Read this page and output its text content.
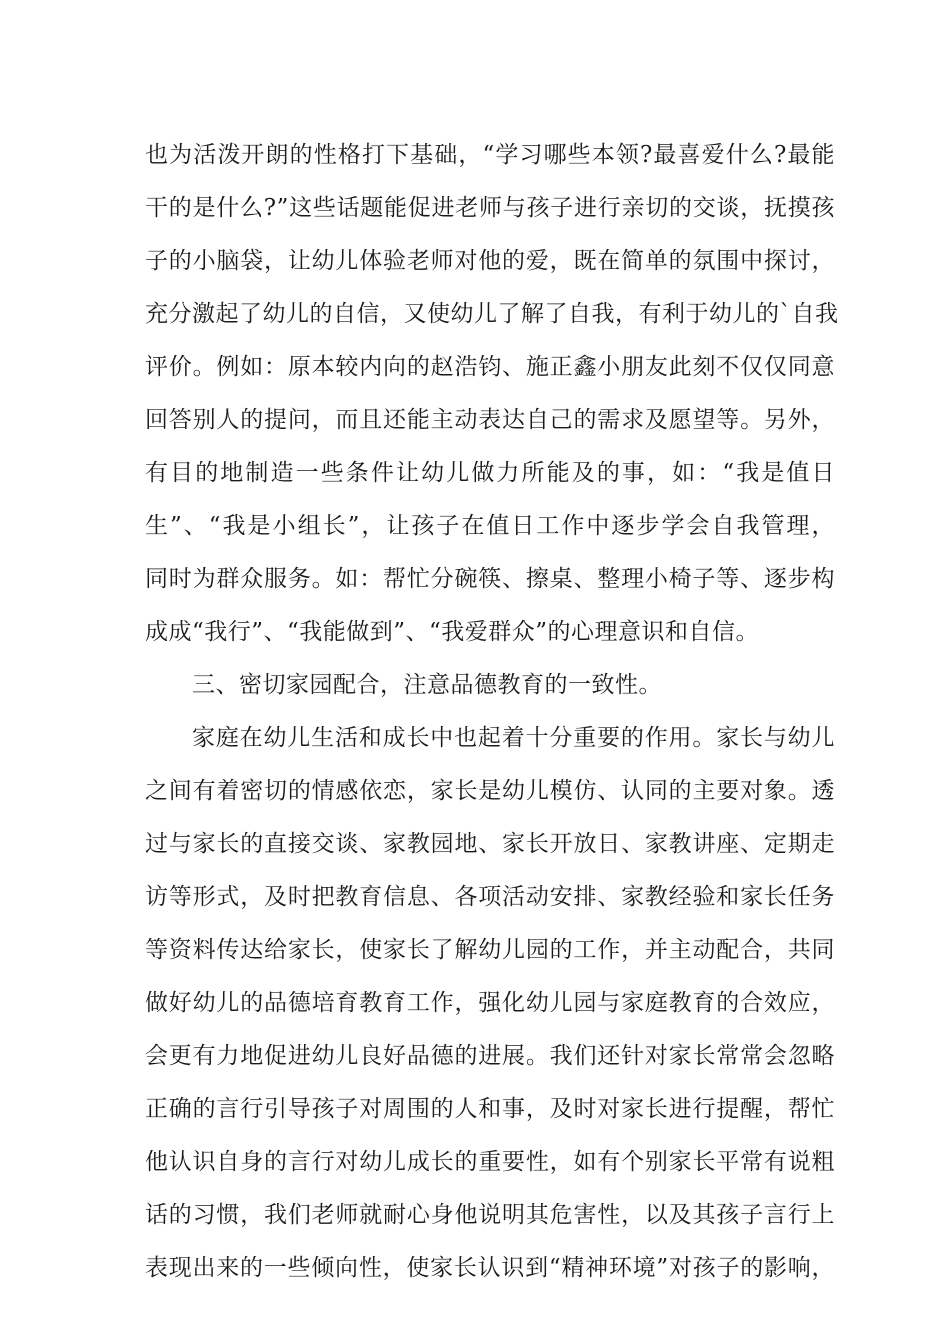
也为活泼开朗的性格打下基础，“学习哪些本领?最喜爱什么?最能
干的是什么?”这些话题能促进老师与孩子进行亲切的交谈，抚摸孩
子的小脑袋，让幼儿体验老师对他的爱，既在简单的氛围中探讨，
充分激起了幼儿的自信，又使幼儿了解了自我，有利于幼儿的`自我
评价。例如：原本较内向的赵浩钧、施正鑫小朋友此刻不仅仅同意
回答别人的提问，而且还能主动表达自己的需求及愿望等。另外，
有目的地制造一些条件让幼儿做力所能及的事，如：“我是值日
生”、“我是小组长”，让孩子在值日工作中逐步学会自我管理，
同时为群众服务。如：帮忙分碗筷、擦桌、整理小椅子等、逐步构
成成“我行”、“我能做到”、“我爱群众”的心理意识和自信。
三、密切家园配合，注意品德教育的一致性。
家庭在幼儿生活和成长中也起着十分重要的作用。家长与幼儿
之间有着密切的情感依恋，家长是幼儿模仿、认同的主要对象。透
过与家长的直接交谈、家教园地、家长开放日、家教讲座、定期走
访等形式，及时把教育信息、各项活动安排、家教经验和家长任务
等资料传达给家长，使家长了解幼儿园的工作，并主动配合，共同
做好幼儿的品德培育教育工作，强化幼儿园与家庭教育的合效应，
会更有力地促进幼儿良好品德的进展。我们还针对家长常常会忽略
正确的言行引导孩子对周围的人和事，及时对家长进行提醒，帮忙
他认识自身的言行对幼儿成长的重要性，如有个别家长平常有说粗
话的习惯，我们老师就耐心身他说明其危害性，以及其孩子言行上
表现出来的一些倾向性，使家长认识到“精神环境”对孩子的影响，
